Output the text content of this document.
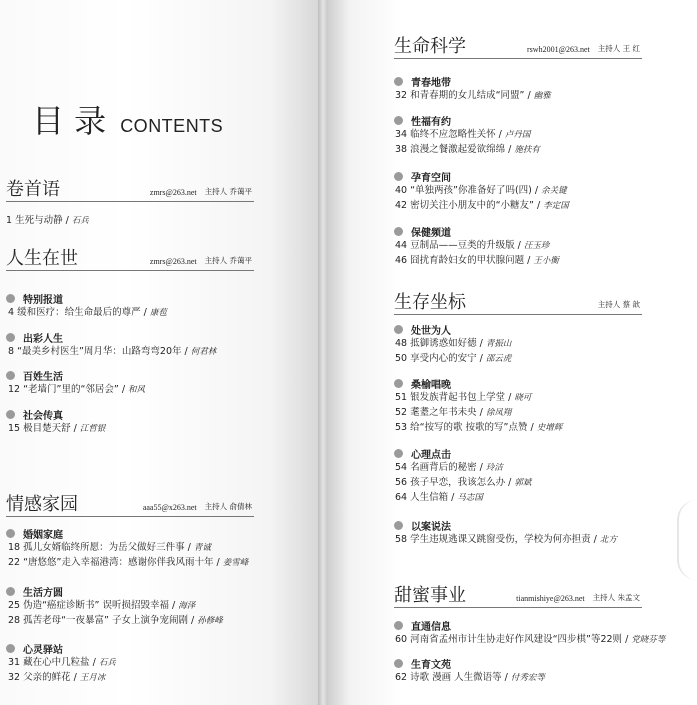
目 录 CONTENTS
卷首语	zmrs@263.net 主持人 乔蔼平
1 生死与动静 / 石兵
人生在世	zmrs@263.net 主持人 乔蔼平
特别报道
4 缓和医疗：给生命最后的尊严 / 康苞
出彩人生
8 “最美乡村医生”周月华：山路弯弯20年 / 何君林
百姓生活
12 “老墙门”里的“邻居会” / 和风
社会传真
15 极目楚天舒 / 江哲银
情感家园	aaa55@x263.net 主持人 俞倩林
婚姻家庭
18 孤儿女婿临终所愿：为岳父做好三件事 / 青诚
22 “唐悠悠”走入幸福港湾：感谢你伴我风雨十年 / 姜雪峰
生活方圆
25 伪造“癌症诊断书” 误听损招毁幸福 / 海泽
28 孤苦老母“一夜暴富” 子女上演争宠闹剧 / 孙修峰
心灵驿站
31 藏在心中几粒盐 / 石兵
32 父亲的鲜花 / 王月冰
生命科学	rswh2001@263.net 主持人 王 红
青春地带
32 和青春期的女儿结成“同盟” / 幽雅
性福有约
34 临终不应忽略性关怀 / 卢丹国
38 浪漫之餐激起爱欲绵绵 / 施扶有
孕育空间
40 “单独两孩”你准备好了吗(四) / 余关键
42 密切关注小朋友中的“小糖友” / 李定国
保健频道
44 豆制品——豆类的升级版 / 汪玉珍
46 囧扰育龄妇女的甲状腺问题 / 王小衡
生存坐标	主持人 蔡 歆
处世为人
48 抵御诱惑如好德 / 青振山
50 享受内心的安宁 / 邵云虎
桑榆唱晚
51 银发族背起书包上学堂 / 晓可
52 耄耋之年书未央 / 徐凤翔
53 给“按写的歌 按歌的写”点赞 / 史增辉
心理点击
54 名画背后的秘密 / 玲洁
56 孩子早恋，我该怎么办 / 郭斌
64 人生信箱 / 马志国
以案说法
58 学生违规逃课又跳窗受伤，学校为何亦担责 / 北方
甜蜜事业	tianmishiye@263.net 主持人 朱孟文
直通信息
60 河南省孟州市计生协走好作风建设“四步棋”等22则 / 党晓芬等
生育文苑
62 诗歌 漫画 人生微语等 / 付秀宏等
